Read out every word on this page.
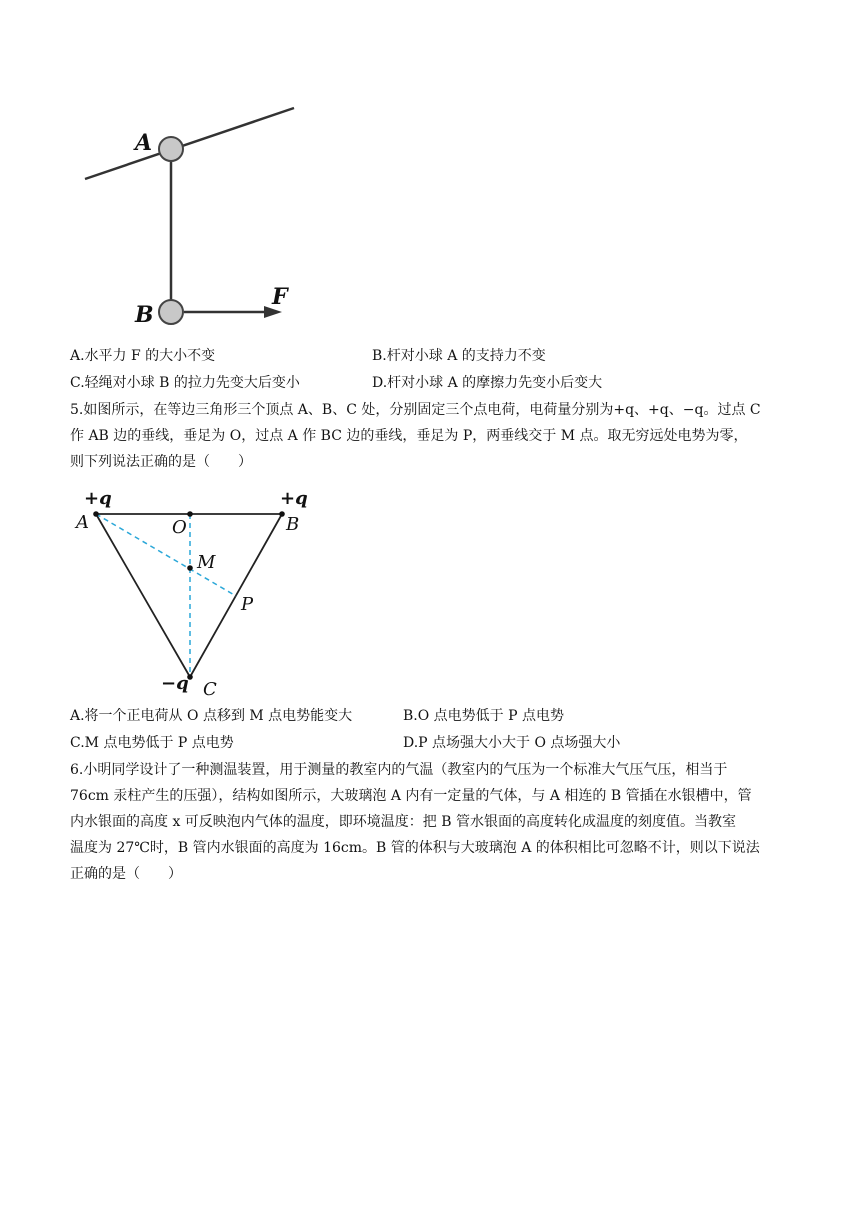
A
B
F
A.水平力 F 的大小不变	B.杆对小球 A 的支持力不变
C.轻绳对小球 B 的拉力先变大后变小	D.杆对小球 A 的摩擦力先变小后变大
5.如图所示，在等边三角形三个顶点 A、B、C 处，分别固定三个点电荷，电荷量分别为+q、+q、−q。过点 C
作 AB 边的垂线，垂足为 O，过点 A 作 BC 边的垂线，垂足为 P，两垂线交于 M 点。取无穷远处电势为零，
则下列说法正确的是（　　）
+q	+q
A	B
O
M
P
−q C
A.将一个正电荷从 O 点移到 M 点电势能变大	B.O 点电势低于 P 点电势
C.M 点电势低于 P 点电势	D.P 点场强大小大于 O 点场强大小
6.小明同学设计了一种测温装置，用于测量的教室内的气温（教室内的气压为一个标准大气压气压，相当于
76cm 汞柱产生的压强），结构如图所示，大玻璃泡 A 内有一定量的气体，与 A 相连的 B 管插在水银槽中，管
内水银面的高度 x 可反映泡内气体的温度，即环境温度：把 B 管水银面的高度转化成温度的刻度值。当教室
温度为 27℃时，B 管内水银面的高度为 16cm。B 管的体积与大玻璃泡 A 的体积相比可忽略不计，则以下说法
正确的是（　　）
